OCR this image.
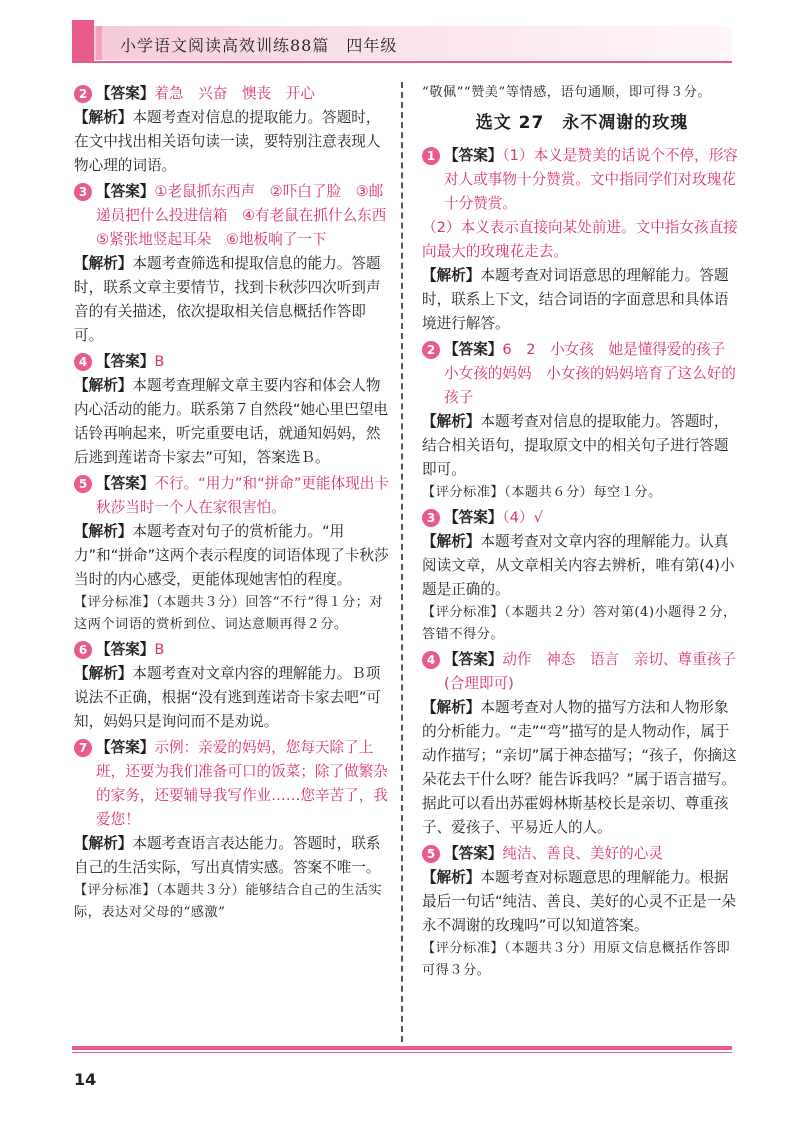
小学语文阅读高效训练88篇　四年级
2 【答案】着急　兴奋　懊丧　开心
【解析】本题考查对信息的提取能力。答题时，在文中找出相关语句读一读，要特别注意表现人物心理的词语。
3 【答案】①老鼠抓东西声　②吓白了脸　③邮递员把什么投进信箱　④有老鼠在抓什么东西　⑤紧张地竖起耳朵　⑥地板响了一下
【解析】本题考查筛选和提取信息的能力。答题时，联系文章主要情节，找到卡秋莎四次听到声音的有关描述，依次提取相关信息概括作答即可。
4 【答案】B
【解析】本题考查理解文章主要内容和体会人物内心活动的能力。联系第７自然段“她心里巴望电话铃再响起来，听完重要电话，就通知妈妈，然后逃到莲诺奇卡家去”可知，答案选Ｂ。
5 【答案】不行。“用力”和“拼命”更能体现出卡秋莎当时一个人在家很害怕。
【解析】本题考查对句子的赏析能力。“用力”和“拼命”这两个表示程度的词语体现了卡秋莎当时的内心感受，更能体现她害怕的程度。
【评分标准】（本题共３分）回答“不行”得１分；对这两个词语的赏析到位、词达意顺再得２分。
6 【答案】B
【解析】本题考查对文章内容的理解能力。Ｂ项说法不正确，根据“没有逃到莲诺奇卡家去吧”可知，妈妈只是询问而不是劝说。
7 【答案】示例：亲爱的妈妈，您每天除了上班，还要为我们准备可口的饭菜；除了做繁杂的家务，还要辅导我写作业……您辛苦了，我爱您！
【解析】本题考查语言表达能力。答题时，联系自己的生活实际，写出真情实感。答案不唯一。
【评分标准】（本题共３分）能够结合自己的生活实际，表达对父母的“感激”
“敬佩”“赞美”等情感，语句通顺，即可得３分。
选文 27　永不凋谢的玫瑰
1 【答案】（1）本义是赞美的话说个不停，形容对人或事物十分赞赏。文中指同学们对玫瑰花十分赞赏。
（2）本义表示直接向某处前进。文中指女孩直接向最大的玫瑰花走去。
【解析】本题考查对词语意思的理解能力。答题时，联系上下文，结合词语的字面意思和具体语境进行解答。
2 【答案】6　2　小女孩　她是懂得爱的孩子　小女孩的妈妈　小女孩的妈妈培育了这么好的孩子
【解析】本题考查对信息的提取能力。答题时，结合相关语句，提取原文中的相关句子进行答题即可。
【评分标准】（本题共６分）每空１分。
3 【答案】（4）√
【解析】本题考查对文章内容的理解能力。认真阅读文章，从文章相关内容去辨析，唯有第(4)小题是正确的。
【评分标准】（本题共２分）答对第(4)小题得２分，答错不得分。
4 【答案】动作　神态　语言　亲切、尊重孩子(合理即可)
【解析】本题考查对人物的描写方法和人物形象的分析能力。“走”“弯”描写的是人物动作，属于动作描写；“亲切”属于神态描写；“孩子，你摘这朵花去干什么呀？能告诉我吗？”属于语言描写。据此可以看出苏霍姆林斯基校长是亲切、尊重孩子、爱孩子、平易近人的人。
5 【答案】纯洁、善良、美好的心灵
【解析】本题考查对标题意思的理解能力。根据最后一句话“纯洁、善良、美好的心灵不正是一朵永不凋谢的玫瑰吗”可以知道答案。
【评分标准】（本题共３分）用原文信息概括作答即可得３分。
14
